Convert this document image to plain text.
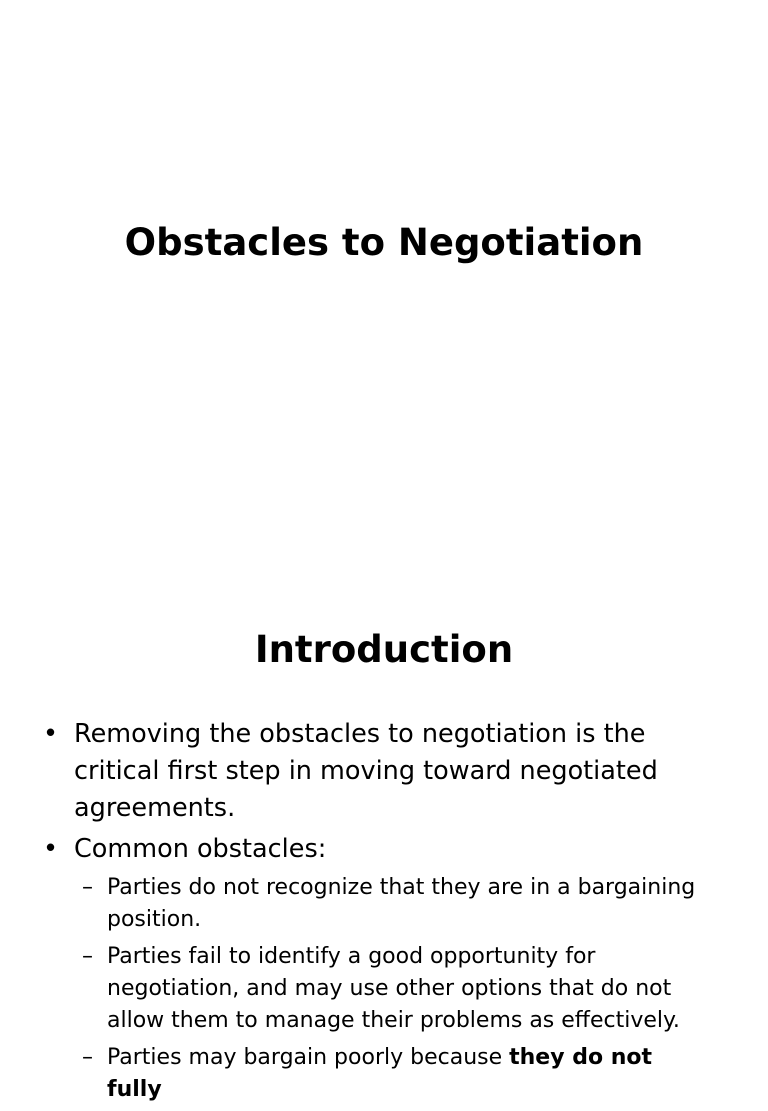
Obstacles to Negotiation
Introduction
• Removing the obstacles to negotiation is the critical first step in moving toward negotiated agreements.
• Common obstacles:
– Parties do not recognize that they are in a bargaining position.
– Parties fail to identify a good opportunity for negotiation, and may use other options that do not allow them to manage their problems as effectively.
– Parties may bargain poorly because they do not fully
